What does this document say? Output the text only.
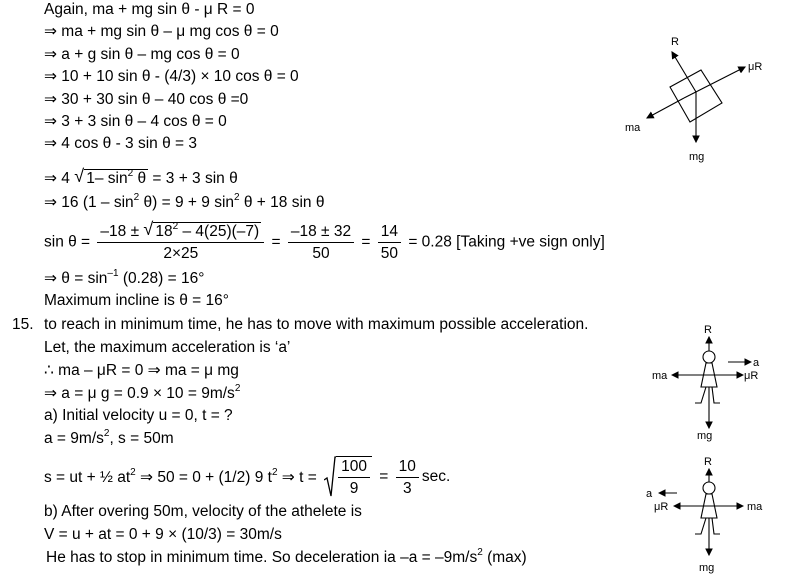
Again, ma + mg sin θ - μ R = 0
⇒ ma + mg sin θ – μ mg cos θ = 0
⇒ a + g sin θ – mg cos θ = 0
⇒ 10 + 10 sin θ - (4/3) × 10 cos θ = 0
⇒ 30 + 30 sin θ – 40 cos θ =0
⇒ 3 + 3 sin θ – 4 cos θ = 0
⇒ 4 cos θ - 3 sin θ = 3
⇒ 4 √ 1– $\sin^2 \theta = 3 + 3$ sin θ
⇒ 16 $(1 - \sin^2 \theta) = 9 + 9$ $\sin^2 \theta + 18$ sin θ
$\sin \theta = \frac{-18 \pm √ 18^2 - 4(25)(-7)}{2\times 25} = \frac{-18 \pm 32}{50} = \frac{14}{50} = 0.28$ [Taking +ve sign only]
⇒ $\theta = \sin^{-1} (0.28) = 16^\circ$
Maximum incline is θ = 16°
15. to reach in minimum time, he has to move with maximum possible acceleration.
Let, the maximum acceleration is ‘a’
∴ ma – μR = 0 ⇒ ma = μ mg
⇒ a = μ $g = 0.9 \times 10 = 9m/s^2$
a) Initial velocity u = 0, t = ?
$a = 9m/s^2$, s = 50m
s = ut + ½ $at^2$ ⇒ 50 = 0 + (1/2) 9 $t^2$ ⇒ $t = \frac{100}{9} = \frac{10}{3} \sec$.
b) After overing 50m, velocity of the athelete is
V = u + at = 0 + 9 × (10/3) = 30m/s
He has to stop in minimum time. So deceleration ia $-a = -9m/s^2$ (max)
R
μR
ma
mg
R
a
ma	μR
mg
R
a
μR	ma
mg
